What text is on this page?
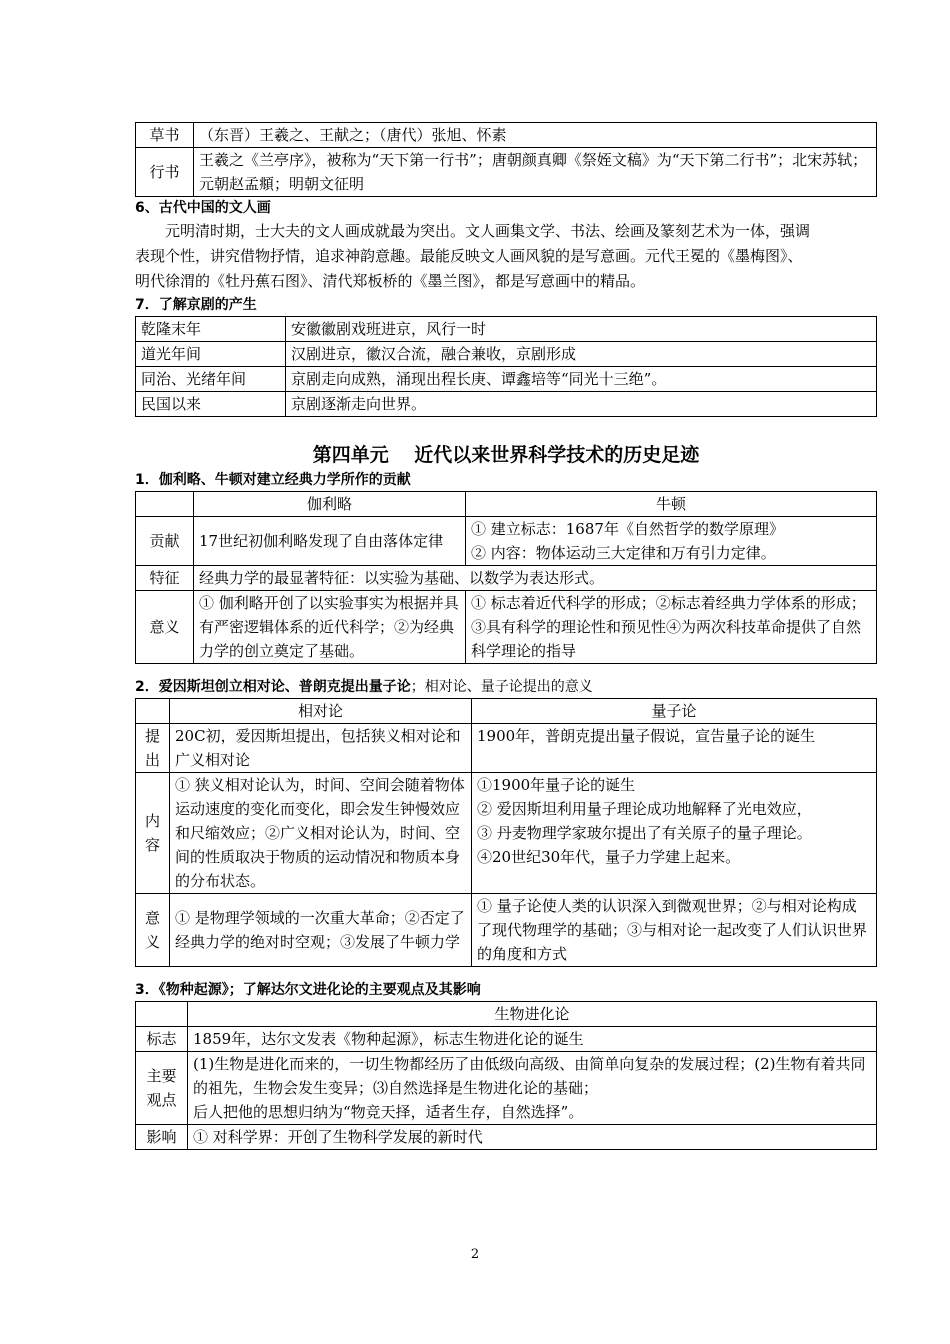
草书	（东晋）王羲之、王献之；（唐代）张旭、怀素
行书	王羲之《兰亭序》，被称为“天下第一行书”；唐朝颜真卿《祭姪文稿》为“天下第二行书”；北宋苏轼；元朝赵孟頫；明朝文征明
6、古代中国的文人画

元明清时期，士大夫的文人画成就最为突出。文人画集文学、书法、绘画及篆刻艺术为一体，强调表现个性，讲究借物抒情，追求神韵意趣。最能反映文人画风貌的是写意画。元代王冕的《墨梅图》、明代徐渭的《牡丹蕉石图》、清代郑板桥的《墨兰图》，都是写意画中的精品。

7．了解京剧的产生
乾隆末年	安徽徽剧戏班进京，风行一时
道光年间	汉剧进京，徽汉合流，融合兼收，京剧形成
同治、光绪年间	京剧走向成熟，涌现出程长庚、谭鑫培等“同光十三绝”。
民国以来	京剧逐渐走向世界。
第四单元　 近代以来世界科学技术的历史足迹
1．伽利略、牛顿对建立经典力学所作的贡献
	伽利略	牛顿
贡献	17世纪初伽利略发现了自由落体定律	① 建立标志：1687年《自然哲学的数学原理》
② 内容：物体运动三大定律和万有引力定律。

特征	经典力学的最显著特征：以实验为基础、以数学为表达形式。	
意义	① 伽利略开创了以实验事实为根据并具有严密逻辑体系的近代科学；②为经典力学的创立奠定了基础。	① 标志着近代科学的形成；②标志着经典力学体系的形成；③具有科学的理论性和预见性④为两次科技革命提供了自然科学理论的指导
2．爱因斯坦创立相对论、普朗克提出量子论；相对论、量子论提出的意义
	相对论	量子论
提出	20C初，爱因斯坦提出，包括狭义相对论和广义相对论	1900年，普朗克提出量子假说，宣告量子论的诞生
内容	① 狭义相对论认为，时间、空间会随着物体运动速度的变化而变化，即会发生钟慢效应和尺缩效应；②广义相对论认为，时间、空间的性质取决于物质的运动情况和物质本身的分布状态。	①1900年量子论的诞生
② 爱因斯坦利用量子理论成功地解释了光电效应，
③ 丹麦物理学家玻尔提出了有关原子的量子理论。
④20世纪30年代，量子力学建上起来。

意义	① 是物理学领域的一次重大革命；②否定了经典力学的绝对时空观；③发展了牛顿力学	① 量子论使人类的认识深入到微观世界；②与相对论构成了现代物理学的基础；③与相对论一起改变了人们认识世界的角度和方式
3．《物种起源》；了解达尔文进化论的主要观点及其影响
	生物进化论
标志	1859年，达尔文发表《物种起源》，标志生物进化论的诞生
主要观点	(1)生物是进化而来的，一切生物都经历了由低级向高级、由简单向复杂的发展过程；(2)生物有着共同的祖先，生物会发生变异；⑶自然选择是生物进化论的基础；
后人把他的思想归纳为“物竞天择，适者生存，自然选择”。

影响	① 对科学界：开创了生物科学发展的新时代
2
